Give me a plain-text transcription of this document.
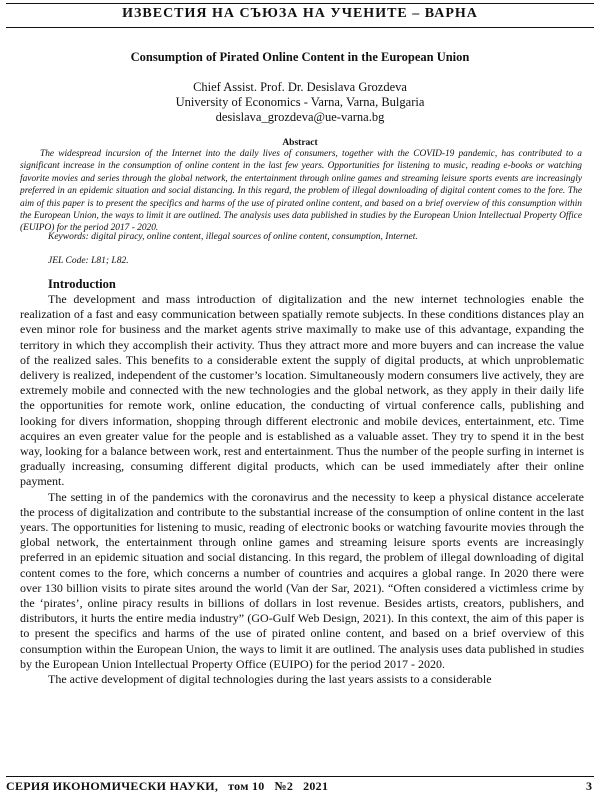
ИЗВЕСТИЯ НА СЪЮЗА НА УЧЕНИТЕ – ВАРНА
Consumption of Pirated Online Content in the European Union
Chief Assist. Prof. Dr. Desislava Grozdeva
University of Economics - Varna, Varna, Bulgaria
desislava_grozdeva@ue-varna.bg
Abstract

The widespread incursion of the Internet into the daily lives of consumers, together with the COVID-19 pandemic, has contributed to a significant increase in the consumption of online content in the last few years. Opportunities for listening to music, reading e-books or watching favorite movies and series through the global network, the entertainment through online games and streaming leisure sports events are increasingly preferred in an epidemic situation and social distancing. In this regard, the problem of illegal downloading of digital content comes to the fore. The aim of this paper is to present the specifics and harms of the use of pirated online content, and based on a brief overview of this consumption within the European Union, the ways to limit it are outlined. The analysis uses data published in studies by the European Union Intellectual Property Office (EUIPO) for the period 2017 - 2020.

Keywords: digital piracy, online content, illegal sources of online content, consumption, Internet.
JEL Code: L81; L82.
Introduction

The development and mass introduction of digitalization and the new internet technologies enable the realization of a fast and easy communication between spatially remote subjects. In these conditions distances play an even minor role for business and the market agents strive maximally to make use of this advantage, expanding the territory in which they accomplish their activity. Thus they attract more and more buyers and can increase the value of the realized sales. This benefits to a considerable extent the supply of digital products, at which unproblematic delivery is realized, independent of the customer’s location. Simultaneously modern consumers live actively, they are extremely mobile and connected with the new technologies and the global network, as they apply in their daily life the opportunities for remote work, online education, the conducting of virtual conference calls, publishing and looking for divers information, shopping through different electronic and mobile devices, entertainment, etc. Time acquires an even greater value for the people and is established as a valuable asset. They try to spend it in the best way, looking for a balance between work, rest and entertainment. Thus the number of the people surfing in internet is gradually increasing, consuming different digital products, which can be used immediately after their online payment.

The setting in of the pandemics with the coronavirus and the necessity to keep a physical distance accelerate the process of digitalization and contribute to the substantial increase of the consumption of online content in the last years. The opportunities for listening to music, reading of electronic books or watching favourite movies through the global network, the entertainment through online games and streaming leisure sports events are increasingly preferred in an epidemic situation and social distancing. In this regard, the problem of illegal downloading of digital content comes to the fore, which concerns a number of countries and acquires a global range. In 2020 there were over 130 billion visits to pirate sites around the world (Van der Sar, 2021). “Often considered a victimless crime by the ‘pirates’, online piracy results in billions of dollars in lost revenue. Besides artists, creators, publishers, and distributors, it hurts the entire media industry” (GO-Gulf Web Design, 2021). In this context, the aim of this paper is to present the specifics and harms of the use of pirated online content, and based on a brief overview of this consumption within the European Union, the ways to limit it are outlined. The analysis uses data published in studies by the European Union Intellectual Property Office (EUIPO) for the period 2017 - 2020.

The active development of digital technologies during the last years assists to a considerable

СЕРИЯ ИКОНОМИЧЕСКИ НАУКИ, том 10 №2 2021	3
